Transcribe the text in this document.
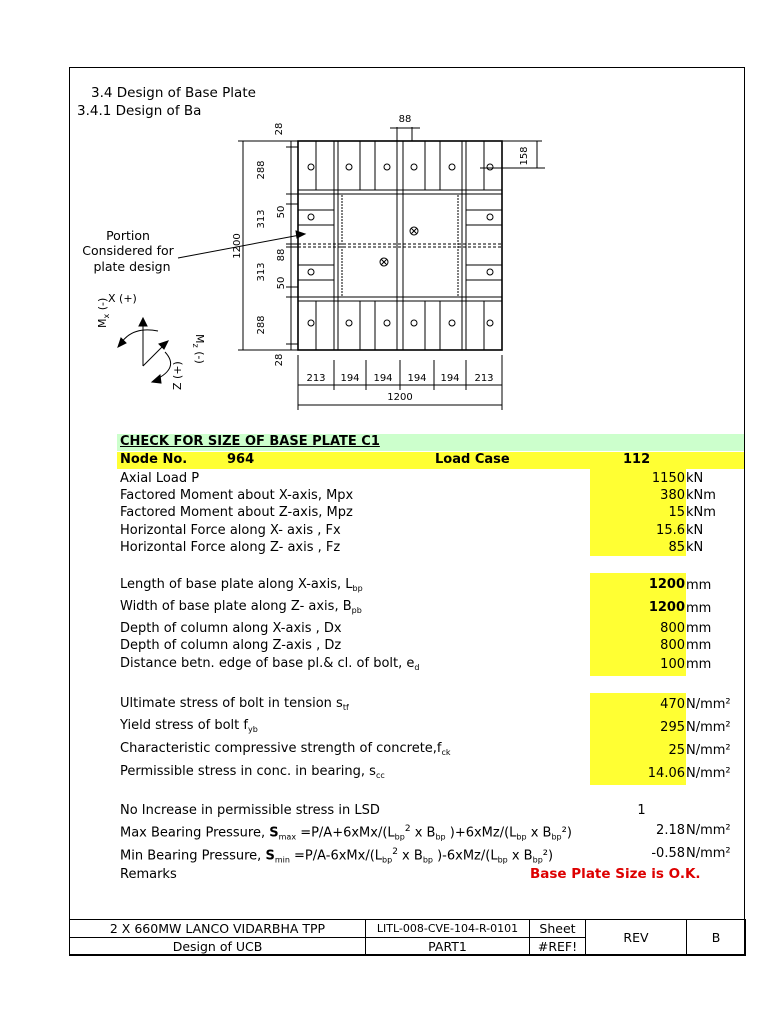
3.4 Design of Base Plate
3.4.1 Design of Ba
88
158
28
288
50
313
88
313
50
288
28
1200
213 194 194 194 194 213
1200
Portion
Considered for
plate design
X (+)
$M_x$ (-)
$M_z$ (-)
Z (+)
CHECK FOR SIZE OF BASE PLATE C1
Node No.	964	Load Case	112
Axial Load P	1150 kN
Factored Moment about X-axis, Mpx	380 kNm
Factored Moment about Z-axis, Mpz	15 kNm
Horizontal Force along X- axis , Fx	15.6 kN
Horizontal Force along Z- axis , Fz	85 kN
Length of base plate along X-axis, $L_{bp}$	1200 mm
Width of base plate along Z- axis, $B_{pb}$	1200 mm
Depth of column along X-axis , Dx	800 mm
Depth of column along Z-axis , Dz	800 mm
Distance betn. edge of base pl.& cl. of bolt, $e_d$	100 mm
Ultimate stress of bolt in tension $s_{tf}$	470 N/mm²
Yield stress of bolt $f_{yb}$	295 N/mm²
Characteristic compressive strength of $concrete,f_{ck}$	25 N/mm²
Permissible stress in conc. in bearing, $s_{cc}$	14.06 N/mm²
No Increase in permissible stress in LSD	1
Max Bearing Pressure, $S_{max} =P/A+6xMx/(L_{bp}^2$ x $B_{bp}$ )$+6xMz/(L_{bp}$ x $B_{bp}^2$)	2.18 N/mm²
Min Bearing Pressure, $S_{min} =P/A-6xMx/(L_{bp}^2$ x $B_{bp}$ )$-6xMz/(L_{bp}$ x $B_{bp}^2$)	-0.58 N/mm²
Remarks	Base Plate Size is O.K.
2 X 660MW LANCO VIDARBHA TPP	LITL-008-CVE-104-R-0101	Sheet	REV	B
Design of UCB	PART1	#REF!		
